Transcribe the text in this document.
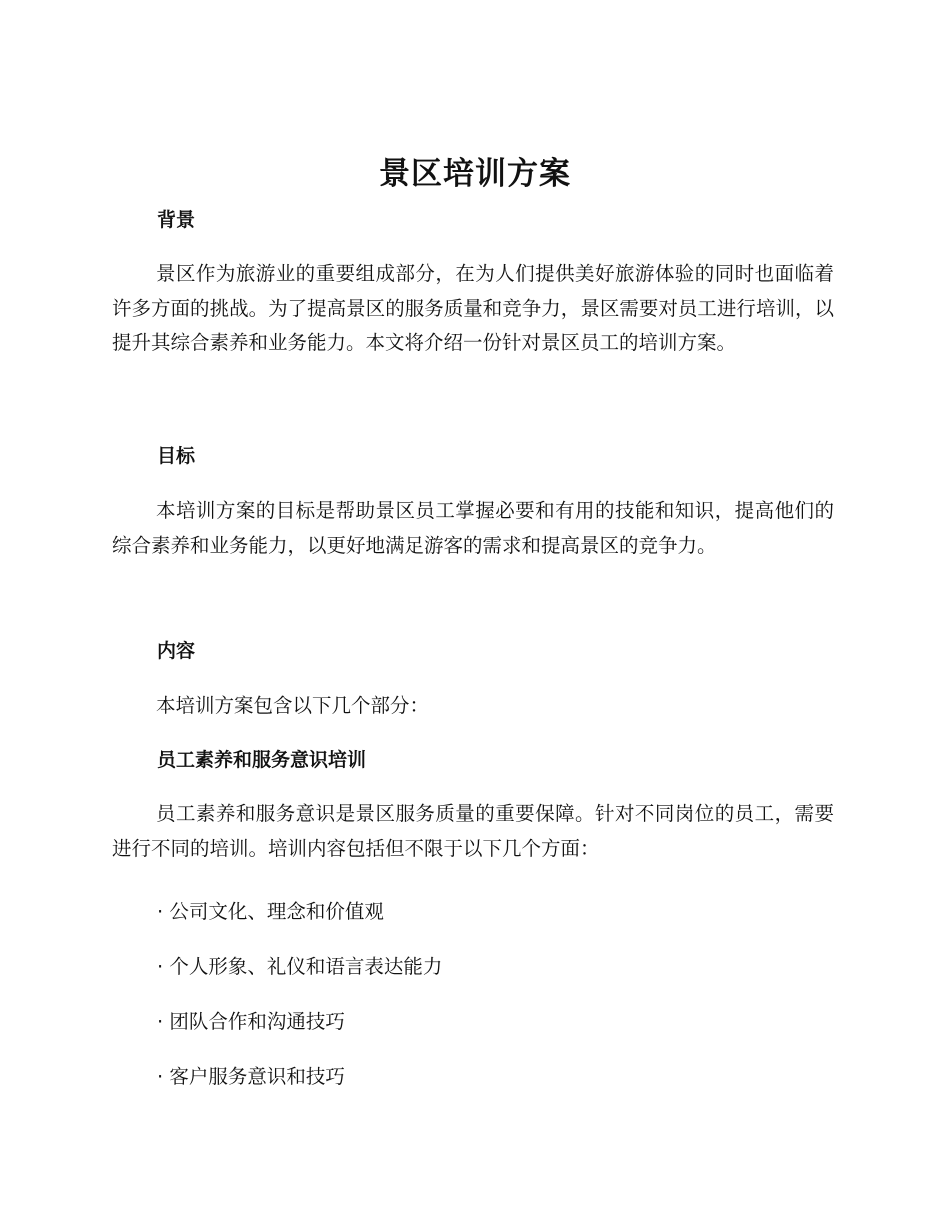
景区培训方案
背景

景区作为旅游业的重要组成部分，在为人们提供美好旅游体验的同时也面临着许多方面的挑战。为了提高景区的服务质量和竞争力，景区需要对员工进行培训，以提升其综合素养和业务能力。本文将介绍一份针对景区员工的培训方案。

目标

本培训方案的目标是帮助景区员工掌握必要和有用的技能和知识，提高他们的综合素养和业务能力，以更好地满足游客的需求和提高景区的竞争力。

内容

本培训方案包含以下几个部分：

员工素养和服务意识培训

员工素养和服务意识是景区服务质量的重要保障。针对不同岗位的员工，需要进行不同的培训。培训内容包括但不限于以下几个方面：

· 公司文化、理念和价值观
· 个人形象、礼仪和语言表达能力
· 团队合作和沟通技巧
· 客户服务意识和技巧
